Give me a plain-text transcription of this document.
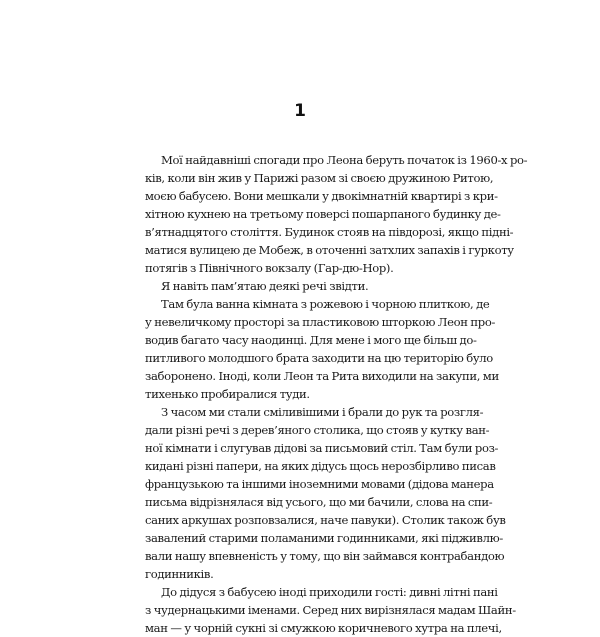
1
Мої найдавніші спогади про Леона беруть початок із 1960-х ро-
ків, коли він жив у Парижі разом зі своєю дружиною Ритою,
моєю бабусею. Вони мешкали у двокімнатній квартирі з кри-
хітною кухнею на третьому поверсі пошарпаного будинку де-
в’ятнадцятого століття. Будинок стояв на півдорозі, якщо підні-
матися вулицею де Мобеж, в оточенні затхлих запахів і гуркоту
потягів з Північного вокзалу (Гар-дю-Нор).
Я навіть пам’ятаю деякі речі звідти.
Там була ванна кімната з рожевою і чорною плиткою, де
у невеличкому просторі за пластиковою шторкою Леон про-
водив багато часу наодинці. Для мене і мого ще більш до-
питливого молодшого брата заходити на цю територію було
заборонено. Іноді, коли Леон та Рита виходили на закупи, ми
тихенько пробиралися туди.
З часом ми стали сміливішими і брали до рук та розгля-
дали різні речі з дерев’яного столика, що стояв у кутку ван-
ної кімнати і слугував дідові за письмовий стіл. Там були роз-
кидані різні папери, на яких дідусь щось нерозбірливо писав
французькою та іншими іноземними мовами (дідова манера
письма відрізнялася від усього, що ми бачили, слова на спи-
саних аркушах розповзалися, наче павуки). Столик також був
завалений старими поламаними годинниками, які підживлю-
вали нашу впевненість у тому, що він займався контрабандою
годинників.
До дідуся з бабусею іноді приходили гості: дивні літні пані
з чудернацькими іменами. Серед них вирізнялася мадам Шайн-
ман — у чорній сукні зі смужкою коричневого хутра на плечі,
